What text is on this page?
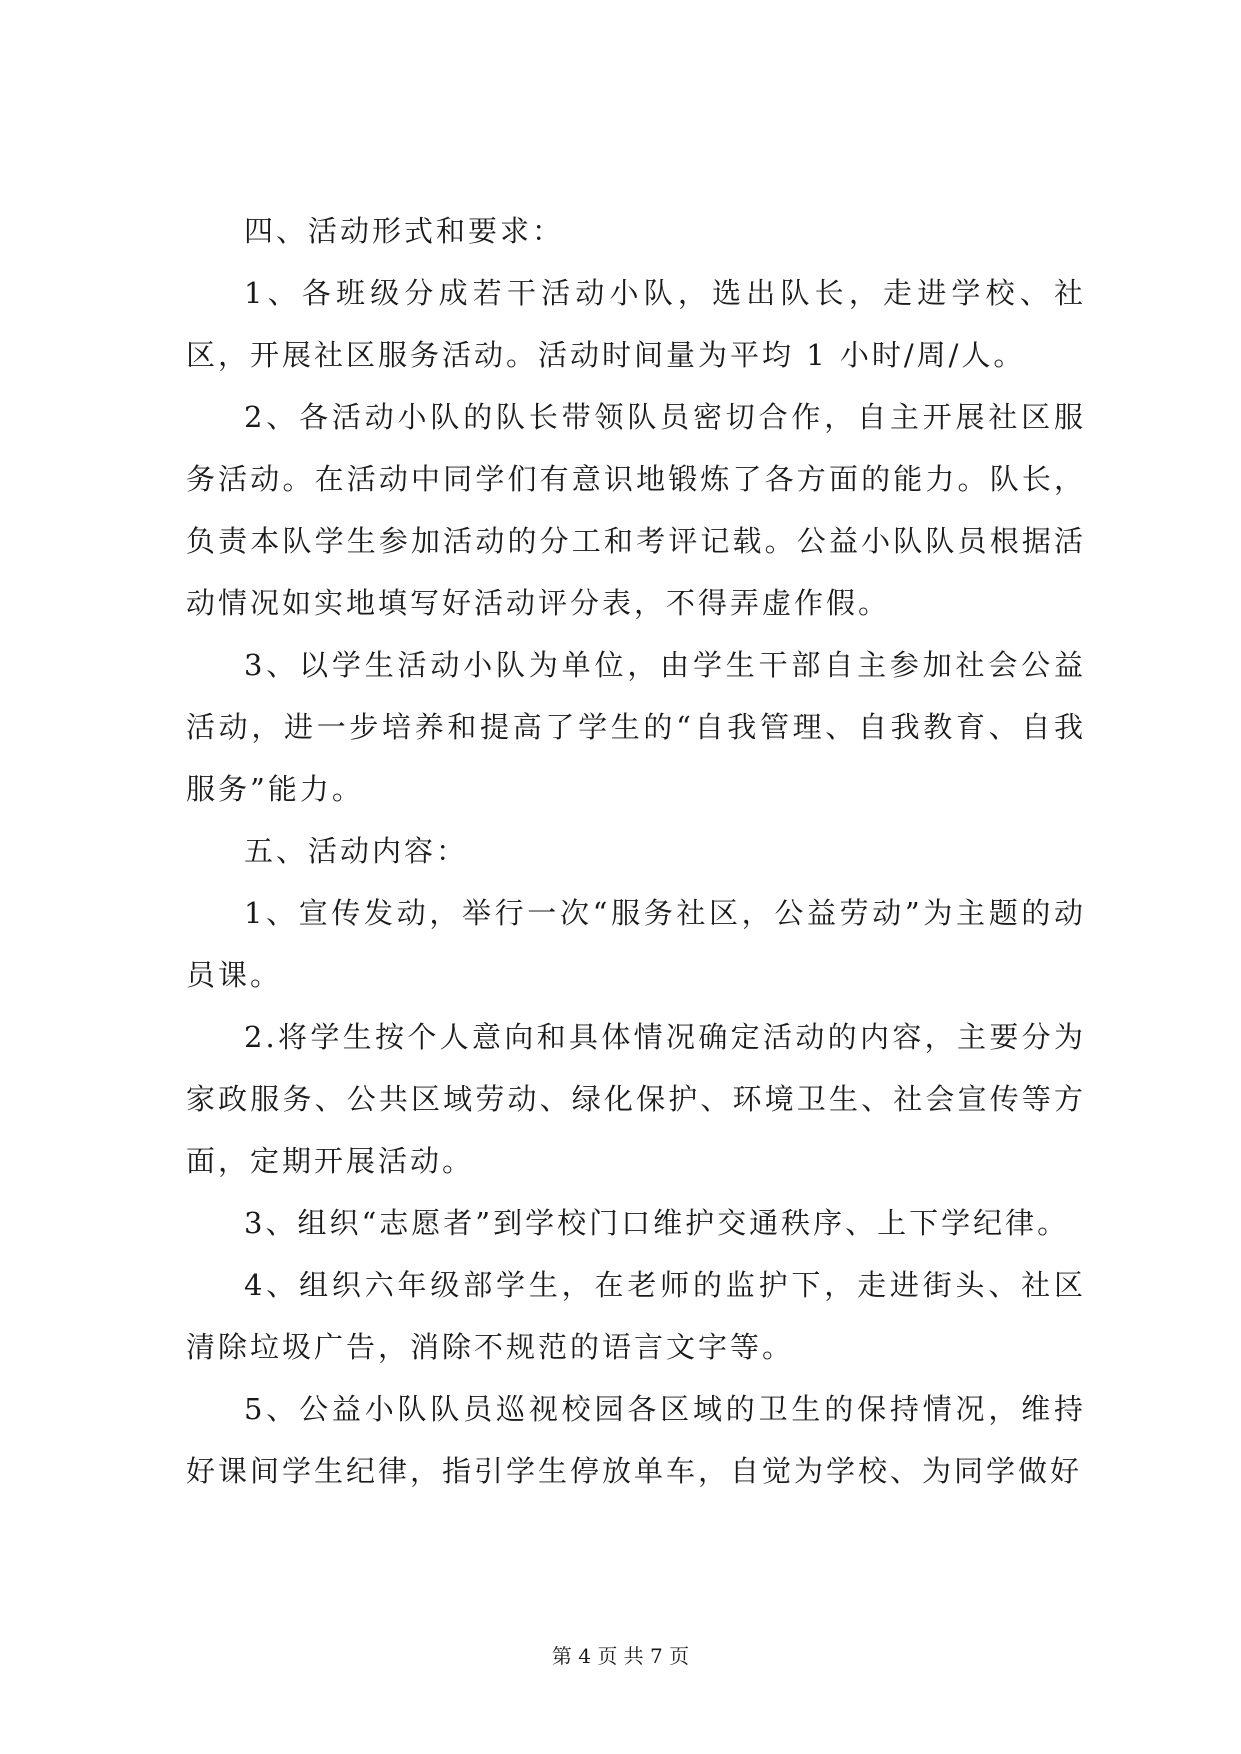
四、活动形式和要求：

1、各班级分成若干活动小队，选出队长，走进学校、社区，开展社区服务活动。活动时间量为平均 1 小时/周/人。

2、各活动小队的队长带领队员密切合作，自主开展社区服务活动。在活动中同学们有意识地锻炼了各方面的能力。队长，负责本队学生参加活动的分工和考评记载。公益小队队员根据活动情况如实地填写好活动评分表，不得弄虚作假。

3、以学生活动小队为单位，由学生干部自主参加社会公益活动，进一步培养和提高了学生的“自我管理、自我教育、自我服务”能力。

五、活动内容：

1、宣传发动，举行一次“服务社区，公益劳动”为主题的动员课。

2.将学生按个人意向和具体情况确定活动的内容，主要分为家政服务、公共区域劳动、绿化保护、环境卫生、社会宣传等方面，定期开展活动。

3、组织“志愿者”到学校门口维护交通秩序、上下学纪律。

4、组织六年级部学生，在老师的监护下，走进街头、社区清除垃圾广告，消除不规范的语言文字等。

5、公益小队队员巡视校园各区域的卫生的保持情况，维持好课间学生纪律，指引学生停放单车，自觉为学校、为同学做好

第 4 页 共 7 页
